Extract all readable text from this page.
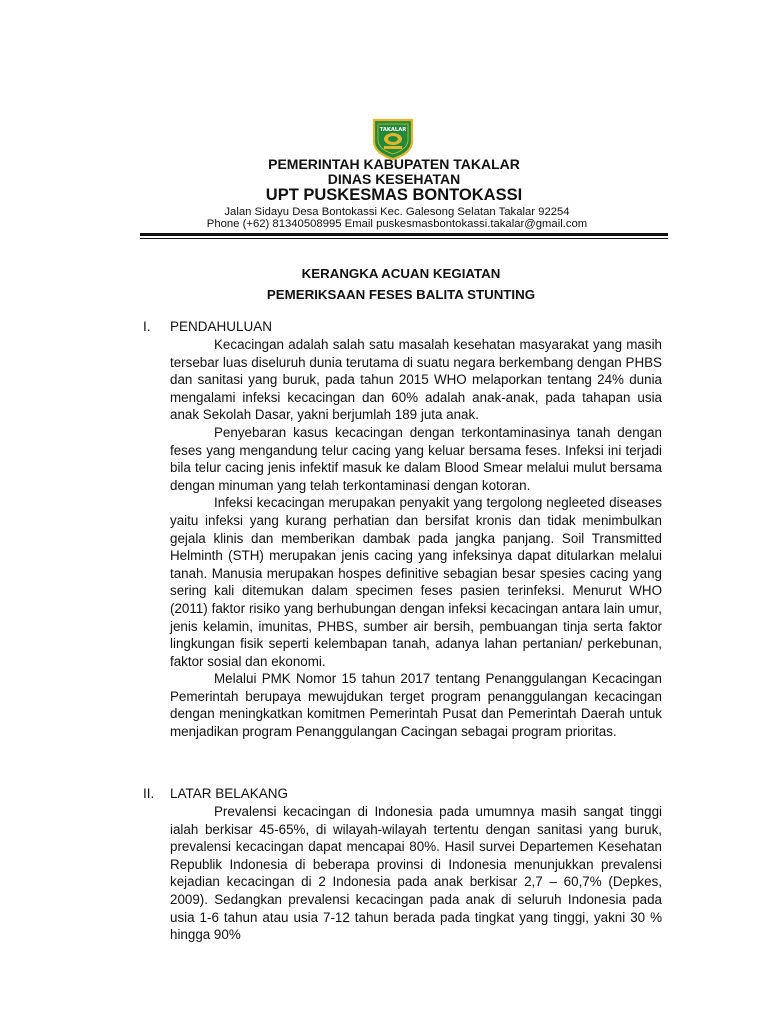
TAKALAR
PEMERINTAH KABUPATEN TAKALAR
DINAS KESEHATAN
UPT PUSKESMAS BONTOKASSI
Jalan Sidayu Desa Bontokassi Kec. Galesong Selatan Takalar 92254
Phone (+62) 81340508995 Email puskesmasbontokassi.takalar@gmail.com
KERANGKA ACUAN KEGIATAN
PEMERIKSAAN FESES BALITA STUNTING
I. PENDAHULUAN

Kecacingan adalah salah satu masalah kesehatan masyarakat yang masih tersebar luas diseluruh dunia terutama di suatu negara berkembang dengan PHBS dan sanitasi yang buruk, pada tahun 2015 WHO melaporkan tentang 24% dunia mengalami infeksi kecacingan dan 60% adalah anak-anak, pada tahapan usia anak Sekolah Dasar, yakni berjumlah 189 juta anak.

Penyebaran kasus kecacingan dengan terkontaminasinya tanah dengan feses yang mengandung telur cacing yang keluar bersama feses. Infeksi ini terjadi bila telur cacing jenis infektif masuk ke dalam Blood Smear melalui mulut bersama dengan minuman yang telah terkontaminasi dengan kotoran.

Infeksi kecacingan merupakan penyakit yang tergolong negleeted diseases yaitu infeksi yang kurang perhatian dan bersifat kronis dan tidak menimbulkan gejala klinis dan memberikan dambak pada jangka panjang. Soil Transmitted Helminth (STH) merupakan jenis cacing yang infeksinya dapat ditularkan melalui tanah. Manusia merupakan hospes definitive sebagian besar spesies cacing yang sering kali ditemukan dalam specimen feses pasien terinfeksi. Menurut WHO (2011) faktor risiko yang berhubungan dengan infeksi kecacingan antara lain umur, jenis kelamin, imunitas, PHBS, sumber air bersih, pembuangan tinja serta faktor lingkungan fisik seperti kelembapan tanah, adanya lahan pertanian/ perkebunan, faktor sosial dan ekonomi.

Melalui PMK Nomor 15 tahun 2017 tentang Penanggulangan Kecacingan Pemerintah berupaya mewujdukan terget program penanggulangan kecacingan dengan meningkatkan komitmen Pemerintah Pusat dan Pemerintah Daerah untuk menjadikan program Penanggulangan Cacingan sebagai program prioritas.

II. LATAR BELAKANG

Prevalensi kecacingan di Indonesia pada umumnya masih sangat tinggi ialah berkisar 45-65%, di wilayah-wilayah tertentu dengan sanitasi yang buruk, prevalensi kecacingan dapat mencapai 80%. Hasil survei Departemen Kesehatan Republik Indonesia di beberapa provinsi di Indonesia menunjukkan prevalensi kejadian kecacingan di 2 Indonesia pada anak berkisar 2,7 – 60,7% (Depkes, 2009). Sedangkan prevalensi kecacingan pada anak di seluruh Indonesia pada usia 1-6 tahun atau usia 7-12 tahun berada pada tingkat yang tinggi, yakni 30 % hingga 90%
